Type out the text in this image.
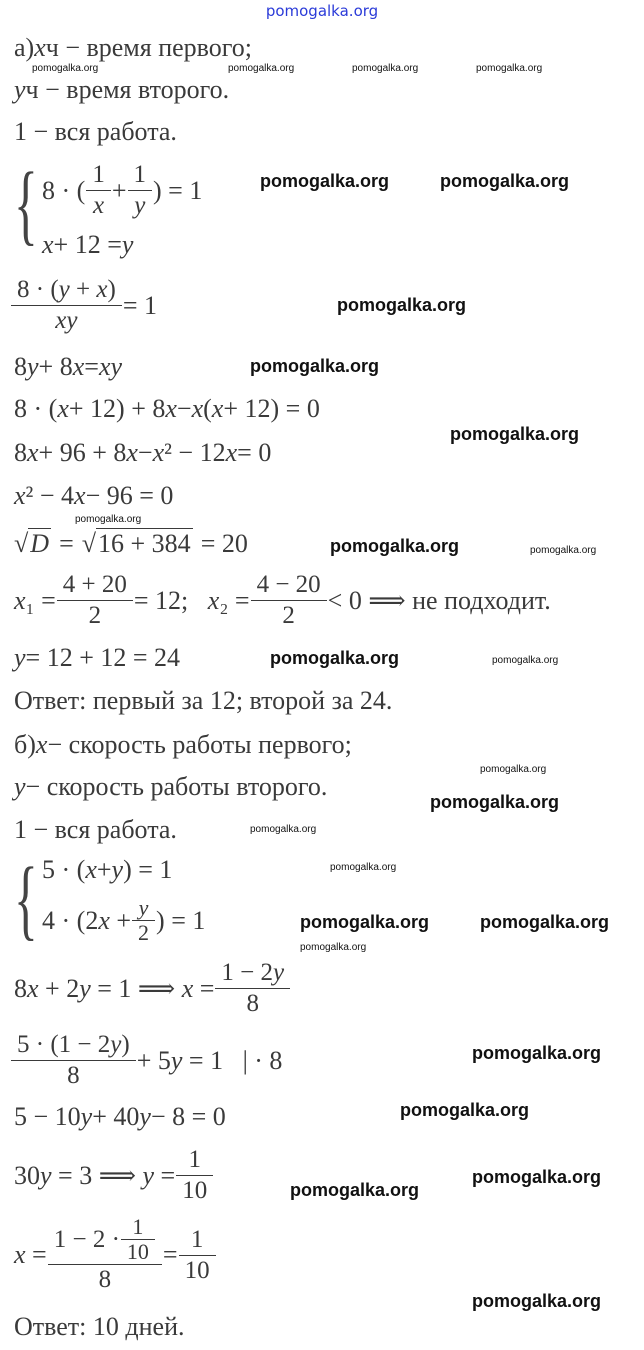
pomogalka.org
а) x ч − время первого;
y ч − время второго.
1 − вся работа.
{ 8 · ( $\frac{1}{x} + \frac{1}{y}$ ) = 1
x + 12 = y
$\frac{8 \cdot (y + x)}{xy} = 1$
8 y + 8 x = x y
8 · ( x + 12) + 8 x − x ( x + 12) = 0
8 x + 96 + 8 x − x ² − 12 x = 0
x ² − 4 x − 96 = 0
√ D = √ 16 + 384 = 20
$x_1 = \frac{4 + 20}{2} = 12$;   $x_2 = \frac{4 - 20}{2} < 0$ ⟹ не подходит.
y = 12 + 12 = 24
Ответ: первый за 12; второй за 24.
б) x − скорость работы первого;
y − скорость работы второго.
1 − вся работа.
{ 5 · ( x + y ) = 1
$4 \cdot (2x + \frac{y}{2}$ ) = 1
8x + 2y = 1 ⟹ $x = \frac{1 - 2y}{8}$
$\frac{5 \cdot (1 - 2y)}{8} + 5y = 1$   | · 8
5 − 10 y + 40 y − 8 = 0
30y = 3 ⟹ $y = \frac{1}{10}$
$x = \frac{1 - 2 \cdot \frac{1}{10}}{8} = \frac{1}{10}$
Ответ: 10 дней.
pomogalka.org	pomogalka.org	pomogalka.org	pomogalka.org
pomogalka.org	pomogalka.org
pomogalka.org
pomogalka.org
pomogalka.org
pomogalka.org
pomogalka.org	pomogalka.org
pomogalka.org	pomogalka.org
pomogalka.org
pomogalka.org
pomogalka.org
pomogalka.org
pomogalka.org
pomogalka.org	pomogalka.org
pomogalka.org
pomogalka.org
pomogalka.org
pomogalka.org
pomogalka.org
